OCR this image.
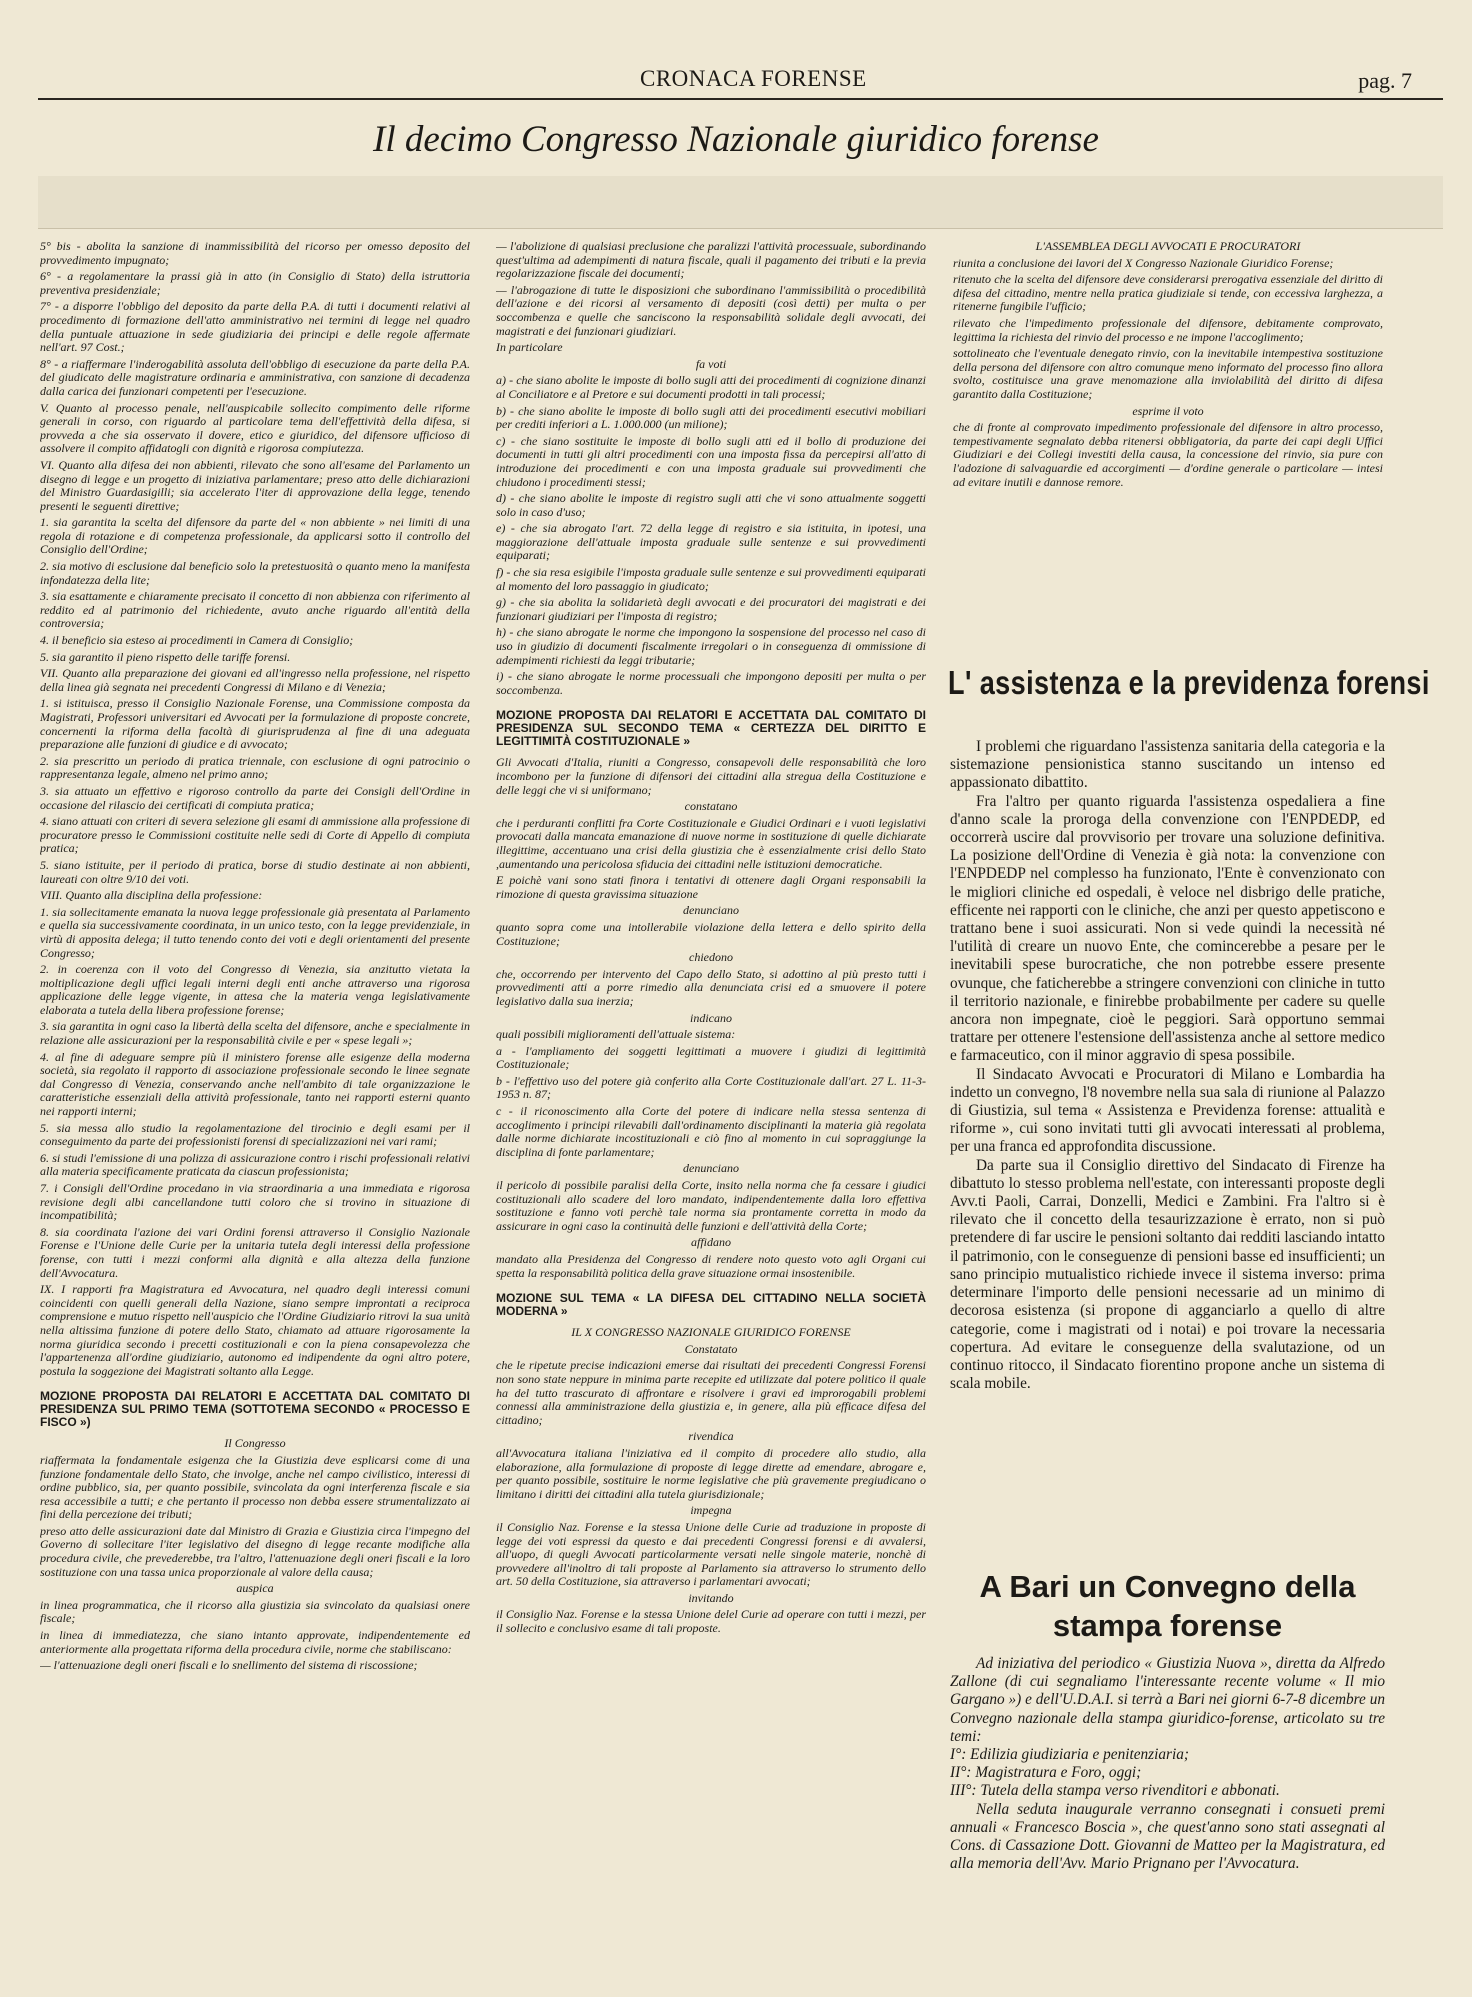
CRONACA FORENSE	pag. 7
Il decimo Congresso Nazionale giuridico forense

5° bis - abolita la sanzione di inammissibilità del ricorso per omesso deposito del provvedimento impugnato;

6° - a regolamentare la prassi già in atto (in Consiglio di Stato) della istruttoria preventiva presidenziale;

7° - a disporre l'obbligo del deposito da parte della P.A. di tutti i documenti relativi al procedimento di formazione dell'atto amministrativo nei termini di legge nel quadro della puntuale attuazione in sede giudiziaria dei principi e delle regole affermate nell'art. 97 Cost.;

8° - a riaffermare l'inderogabilità assoluta dell'obbligo di esecuzione da parte della P.A. del giudicato delle magistrature ordinaria e amministrativa, con sanzione di decadenza dalla carica dei funzionari competenti per l'esecuzione.

V. Quanto al processo penale, nell'auspicabile sollecito compimento delle riforme generali in corso, con riguardo al particolare tema dell'effettività della difesa, si provveda a che sia osservato il dovere, etico e giuridico, del difensore ufficioso di assolvere il compito affidatogli con dignità e rigorosa compiutezza.

VI. Quanto alla difesa dei non abbienti, rilevato che sono all'esame del Parlamento un disegno di legge e un progetto di iniziativa parlamentare; preso atto delle dichiarazioni del Ministro Guardasigilli; sia accelerato l'iter di approvazione della legge, tenendo presenti le seguenti direttive;

1. sia garantita la scelta del difensore da parte del « non abbiente » nei limiti di una regola di rotazione e di competenza professionale, da applicarsi sotto il controllo del Consiglio dell'Ordine;

2. sia motivo di esclusione dal beneficio solo la pretestuosità o quanto meno la manifesta infondatezza della lite;

3. sia esattamente e chiaramente precisato il concetto di non abbienza con riferimento al reddito ed al patrimonio del richiedente, avuto anche riguardo all'entità della controversia;

4. il beneficio sia esteso ai procedimenti in Camera di Consiglio;

5. sia garantito il pieno rispetto delle tariffe forensi.

VII. Quanto alla preparazione dei giovani ed all'ingresso nella professione, nel rispetto della linea già segnata nei precedenti Congressi di Milano e di Venezia;

1. si istituisca, presso il Consiglio Nazionale Forense, una Commissione composta da Magistrati, Professori universitari ed Avvocati per la formulazione di proposte concrete, concernenti la riforma della facoltà di giurisprudenza al fine di una adeguata preparazione alle funzioni di giudice e di avvocato;

2. sia prescritto un periodo di pratica triennale, con esclusione di ogni patrocinio o rappresentanza legale, almeno nel primo anno;

3. sia attuato un effettivo e rigoroso controllo da parte dei Consigli dell'Ordine in occasione del rilascio dei certificati di compiuta pratica;

4. siano attuati con criteri di severa selezione gli esami di ammissione alla professione di procuratore presso le Commissioni costituite nelle sedi di Corte di Appello di compiuta pratica;

5. siano istituite, per il periodo di pratica, borse di studio destinate ai non abbienti, laureati con oltre 9/10 dei voti.

VIII. Quanto alla disciplina della professione:

1. sia sollecitamente emanata la nuova legge professionale già presentata al Parlamento e quella sia successivamente coordinata, in un unico testo, con la legge previdenziale, in virtù di apposita delega; il tutto tenendo conto dei voti e degli orientamenti del presente Congresso;

2. in coerenza con il voto del Congresso di Venezia, sia anzitutto vietata la moltiplicazione degli uffici legali interni degli enti anche attraverso una rigorosa applicazione delle legge vigente, in attesa che la materia venga legislativamente elaborata a tutela della libera professione forense;

3. sia garantita in ogni caso la libertà della scelta del difensore, anche e specialmente in relazione alle assicurazioni per la responsabilità civile e per « spese legali »;

4. al fine di adeguare sempre più il ministero forense alle esigenze della moderna società, sia regolato il rapporto di associazione professionale secondo le linee segnate dal Congresso di Venezia, conservando anche nell'ambito di tale organizzazione le caratteristiche essenziali della attività professionale, tanto nei rapporti esterni quanto nei rapporti interni;

5. sia messa allo studio la regolamentazione del tirocinio e degli esami per il conseguimento da parte dei professionisti forensi di specializzazioni nei vari rami;

6. si studi l'emissione di una polizza di assicurazione contro i rischi professionali relativi alla materia specificamente praticata da ciascun professionista;

7. i Consigli dell'Ordine procedano in via straordinaria a una immediata e rigorosa revisione degli albi cancellandone tutti coloro che si trovino in situazione di incompatibilità;

8. sia coordinata l'azione dei vari Ordini forensi attraverso il Consiglio Nazionale Forense e l'Unione delle Curie per la unitaria tutela degli interessi della professione forense, con tutti i mezzi conformi alla dignità e alla altezza della funzione dell'Avvocatura.

IX. I rapporti fra Magistratura ed Avvocatura, nel quadro degli interessi comuni coincidenti con quelli generali della Nazione, siano sempre improntati a reciproca comprensione e mutuo rispetto nell'auspicio che l'Ordine Giudiziario ritrovi la sua unità nella altissima funzione di potere dello Stato, chiamato ad attuare rigorosamente la norma giuridica secondo i precetti costituzionali e con la piena consapevolezza che l'appartenenza all'ordine giudiziario, autonomo ed indipendente da ogni altro potere, postula la soggezione dei Magistrati soltanto alla Legge.

MOZIONE PROPOSTA DAI RELATORI E ACCETTATA DAL COMITATO DI PRESIDENZA SUL PRIMO TEMA (SOTTOTEMA SECONDO « PROCESSO E FISCO »)

Il Congresso

riaffermata la fondamentale esigenza che la Giustizia deve esplicarsi come di una funzione fondamentale dello Stato, che involge, anche nel campo civilistico, interessi di ordine pubblico, sia, per quanto possibile, svincolata da ogni interferenza fiscale e sia resa accessibile a tutti; e che pertanto il processo non debba essere strumentalizzato ai fini della percezione dei tributi;

preso atto delle assicurazioni date dal Ministro di Grazia e Giustizia circa l'impegno del Governo di sollecitare l'iter legislativo del disegno di legge recante modifiche alla procedura civile, che prevederebbe, tra l'altro, l'attenuazione degli oneri fiscali e la loro sostituzione con una tassa unica proporzionale al valore della causa;

auspica

in linea programmatica, che il ricorso alla giustizia sia svincolato da qualsiasi onere fiscale;

in linea di immediatezza, che siano intanto approvate, indipendentemente ed anteriormente alla progettata riforma della procedura civile, norme che stabiliscano:

— l'attenuazione degli oneri fiscali e lo snellimento del sistema di riscossione;

— l'abolizione di qualsiasi preclusione che paralizzi l'attività processuale, subordinando quest'ultima ad adempimenti di natura fiscale, quali il pagamento dei tributi e la previa regolarizzazione fiscale dei documenti;

— l'abrogazione di tutte le disposizioni che subordinano l'ammissibilità o procedibilità dell'azione e dei ricorsi al versamento di depositi (così detti) per multa o per soccombenza e quelle che sanciscono la responsabilità solidale degli avvocati, dei magistrati e dei funzionari giudiziari.

In particolare

fa voti

a) - che siano abolite le imposte di bollo sugli atti dei procedimenti di cognizione dinanzi al Conciliatore e al Pretore e sui documenti prodotti in tali processi;

b) - che siano abolite le imposte di bollo sugli atti dei procedimenti esecutivi mobiliari per crediti inferiori a L. 1.000.000 (un milione);

c) - che siano sostituite le imposte di bollo sugli atti ed il bollo di produzione dei documenti in tutti gli altri procedimenti con una imposta fissa da percepirsi all'atto di introduzione dei procedimenti e con una imposta graduale sui provvedimenti che chiudono i procedimenti stessi;

d) - che siano abolite le imposte di registro sugli atti che vi sono attualmente soggetti solo in caso d'uso;

e) - che sia abrogato l'art. 72 della legge di registro e sia istituita, in ipotesi, una maggiorazione dell'attuale imposta graduale sulle sentenze e sui provvedimenti equiparati;

f) - che sia resa esigibile l'imposta graduale sulle sentenze e sui provvedimenti equiparati al momento del loro passaggio in giudicato;

g) - che sia abolita la solidarietà degli avvocati e dei procuratori dei magistrati e dei funzionari giudiziari per l'imposta di registro;

h) - che siano abrogate le norme che impongono la sospensione del processo nel caso di uso in giudizio di documenti fiscalmente irregolari o in conseguenza di ommissione di adempimenti richiesti da leggi tributarie;

i) - che siano abrogate le norme processuali che impongono depositi per multa o per soccombenza.

MOZIONE PROPOSTA DAI RELATORI E ACCETTATA DAL COMITATO DI PRESIDENZA SUL SECONDO TEMA « CERTEZZA DEL DIRITTO E LEGITTIMITÀ COSTITUZIONALE »

Gli Avvocati d'Italia, riuniti a Congresso, consapevoli delle responsabilità che loro incombono per la funzione di difensori dei cittadini alla stregua della Costituzione e delle leggi che vi si uniformano;

constatano

che i perduranti conflitti fra Corte Costituzionale e Giudici Ordinari e i vuoti legislativi provocati dalla mancata emanazione di nuove norme in sostituzione di quelle dichiarate illegittime, accentuano una crisi della giustizia che è essenzialmente crisi dello Stato ,aumentando una pericolosa sfiducia dei cittadini nelle istituzioni democratiche.

E poichè vani sono stati finora i tentativi di ottenere dagli Organi responsabili la rimozione di questa gravissima situazione

denunciano

quanto sopra come una intollerabile violazione della lettera e dello spirito della Costituzione;

chiedono

che, occorrendo per intervento del Capo dello Stato, si adottino al più presto tutti i provvedimenti atti a porre rimedio alla denunciata crisi ed a smuovere il potere legislativo dalla sua inerzia;

indicano

quali possibili miglioramenti dell'attuale sistema:

a - l'ampliamento dei soggetti legittimati a muovere i giudizi di legittimità Costituzionale;

b - l'effettivo uso del potere già conferito alla Corte Costituzionale dall'art. 27 L. 11-3-1953 n. 87;

c - il riconoscimento alla Corte del potere di indicare nella stessa sentenza di accoglimento i principi rilevabili dall'ordinamento disciplinanti la materia già regolata dalle norme dichiarate incostituzionali e ciò fino al momento in cui sopraggiunge la disciplina di fonte parlamentare;

denunciano

il pericolo di possibile paralisi della Corte, insito nella norma che fa cessare i giudici costituzionali allo scadere del loro mandato, indipendentemente dalla loro effettiva sostituzione e fanno voti perchè tale norma sia prontamente corretta in modo da assicurare in ogni caso la continuità delle funzioni e dell'attività della Corte;

affidano

mandato alla Presidenza del Congresso di rendere noto questo voto agli Organi cui spetta la responsabilità politica della grave situazione ormai insostenibile.

MOZIONE SUL TEMA « LA DIFESA DEL CITTADINO NELLA SOCIETÀ MODERNA »

IL X CONGRESSO NAZIONALE GIURIDICO FORENSE

Constatato

che le ripetute precise indicazioni emerse dai risultati dei precedenti Congressi Forensi non sono state neppure in minima parte recepite ed utilizzate dal potere politico il quale ha del tutto trascurato di affrontare e risolvere i gravi ed improrogabili problemi connessi alla amministrazione della giustizia e, in genere, alla più efficace difesa del cittadino;

rivendica

all'Avvocatura italiana l'iniziativa ed il compito di procedere allo studio, alla elaborazione, alla formulazione di proposte di legge dirette ad emendare, abrogare e, per quanto possibile, sostituire le norme legislative che più gravemente pregiudicano o limitano i diritti dei cittadini alla tutela giurisdizionale;

impegna

il Consiglio Naz. Forense e la stessa Unione delle Curie ad traduzione in proposte di legge dei voti espressi da questo e dai precedenti Congressi forensi e di avvalersi, all'uopo, di quegli Avvocati particolarmente versati nelle singole materie, nonchè di provvedere all'inoltro di tali proposte al Parlamento sia attraverso lo strumento dello art. 50 della Costituzione, sia attraverso i parlamentari avvocati;

invitando

il Consiglio Naz. Forense e la stessa Unione delel Curie ad operare con tutti i mezzi, per il sollecito e conclusivo esame di tali proposte.

L'ASSEMBLEA DEGLI AVVOCATI E PROCURATORI

riunita a conclusione dei lavori del X Congresso Nazionale Giuridico Forense;

ritenuto che la scelta del difensore deve considerarsi prerogativa essenziale del diritto di difesa del cittadino, mentre nella pratica giudiziale si tende, con eccessiva larghezza, a ritenerne fungibile l'ufficio;

rilevato che l'impedimento professionale del difensore, debitamente comprovato, legittima la richiesta del rinvio del processo e ne impone l'accoglimento;

sottolineato che l'eventuale denegato rinvio, con la inevitabile intempestiva sostituzione della persona del difensore con altro comunque meno informato del processo fino allora svolto, costituisce una grave menomazione alla inviolabilità del diritto di difesa garantito dalla Costituzione;

esprime il voto

che di fronte al comprovato impedimento professionale del difensore in altro processo, tempestivamente segnalato debba ritenersi obbligatoria, da parte dei capi degli Uffici Giudiziari e dei Collegi investiti della causa, la concessione del rinvio, sia pure con l'adozione di salvaguardie ed accorgimenti — d'ordine generale o particolare — intesi ad evitare inutili e dannose remore.

L' assistenza e la previdenza forensi

I problemi che riguardano l'assistenza sanitaria della categoria e la sistemazione pensionistica stanno suscitando un intenso ed appassionato dibattito.

Fra l'altro per quanto riguarda l'assistenza ospedaliera a fine d'anno scale la proroga della convenzione con l'ENPDEDP, ed occorrerà uscire dal provvisorio per trovare una soluzione definitiva. La posizione dell'Ordine di Venezia è già nota: la convenzione con l'ENPDEDP nel complesso ha funzionato, l'Ente è convenzionato con le migliori cliniche ed ospedali, è veloce nel disbrigo delle pratiche, efficente nei rapporti con le cliniche, che anzi per questo appetiscono e trattano bene i suoi assicurati. Non si vede quindi la necessità né l'utilità di creare un nuovo Ente, che comincerebbe a pesare per le inevitabili spese burocratiche, che non potrebbe essere presente ovunque, che faticherebbe a stringere convenzioni con cliniche in tutto il territorio nazionale, e finirebbe probabilmente per cadere su quelle ancora non impegnate, cioè le peggiori. Sarà opportuno semmai trattare per ottenere l'estensione dell'assistenza anche al settore medico e farmaceutico, con il minor aggravio di spesa possibile.

Il Sindacato Avvocati e Procuratori di Milano e Lombardia ha indetto un convegno, l'8 novembre nella sua sala di riunione al Palazzo di Giustizia, sul tema « Assistenza e Previdenza forense: attualità e riforme », cui sono invitati tutti gli avvocati interessati al problema, per una franca ed approfondita discussione.

Da parte sua il Consiglio direttivo del Sindacato di Firenze ha dibattuto lo stesso problema nell'estate, con interessanti proposte degli Avv.ti Paoli, Carrai, Donzelli, Medici e Zambini. Fra l'altro si è rilevato che il concetto della tesaurizzazione è errato, non si può pretendere di far uscire le pensioni soltanto dai redditi lasciando intatto il patrimonio, con le conseguenze di pensioni basse ed insufficienti; un sano principio mutualistico richiede invece il sistema inverso: prima determinare l'importo delle pensioni necessarie ad un minimo di decorosa esistenza (si propone di agganciarlo a quello di altre categorie, come i magistrati od i notai) e poi trovare la necessaria copertura. Ad evitare le conseguenze della svalutazione, od un continuo ritocco, il Sindacato fiorentino propone anche un sistema di scala mobile.

A Bari un Convegno della stampa forense

Ad iniziativa del periodico « Giustizia Nuova », diretta da Alfredo Zallone (di cui segnaliamo l'interessante recente volume « Il mio Gargano ») e dell'U.D.A.I. si terrà a Bari nei giorni 6-7-8 dicembre un Convegno nazionale della stampa giuridico-forense, articolato su tre temi:

I°: Edilizia giudiziaria e penitenziaria;

II°: Magistratura e Foro, oggi;

III°: Tutela della stampa verso rivenditori e abbonati.

Nella seduta inaugurale verranno consegnati i consueti premi annuali « Francesco Boscia », che quest'anno sono stati assegnati al Cons. di Cassazione Dott. Giovanni de Matteo per la Magistratura, ed alla memoria dell'Avv. Mario Prignano per l'Avvocatura.
